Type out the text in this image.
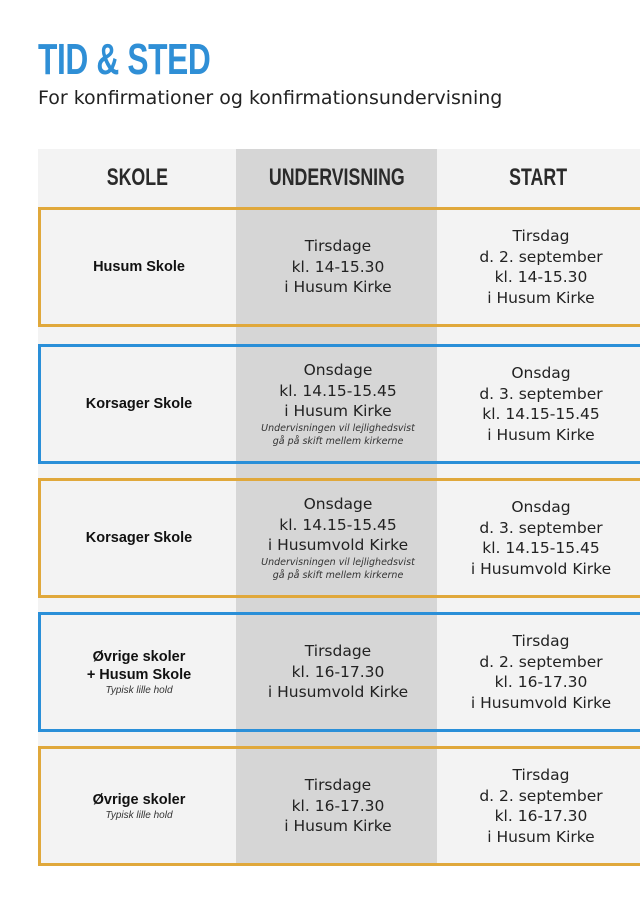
TID & STED

For konfirmationer og konfirmationsundervisning

SKOLE	UNDERVISNING	START
Husum Skole
Tirsdage
kl. 14-15.30
i Husum Kirke
Tirsdag
d. 2. september
kl. 14-15.30
i Husum Kirke
Korsager Skole
Onsdage
kl. 14.15-15.45
i Husum Kirke
Undervisningen vil lejlighedsvist
gå på skift mellem kirkerne
Onsdag
d. 3. september
kl. 14.15-15.45
i Husum Kirke
Korsager Skole
Onsdage
kl. 14.15-15.45
i Husumvold Kirke
Undervisningen vil lejlighedsvist
gå på skift mellem kirkerne
Onsdag
d. 3. september
kl. 14.15-15.45
i Husumvold Kirke
Øvrige skoler
+ Husum Skole
Typisk lille hold
Tirsdage
kl. 16-17.30
i Husumvold Kirke
Tirsdag
d. 2. september
kl. 16-17.30
i Husumvold Kirke
Øvrige skoler
Typisk lille hold
Tirsdage
kl. 16-17.30
i Husum Kirke
Tirsdag
d. 2. september
kl. 16-17.30
i Husum Kirke
